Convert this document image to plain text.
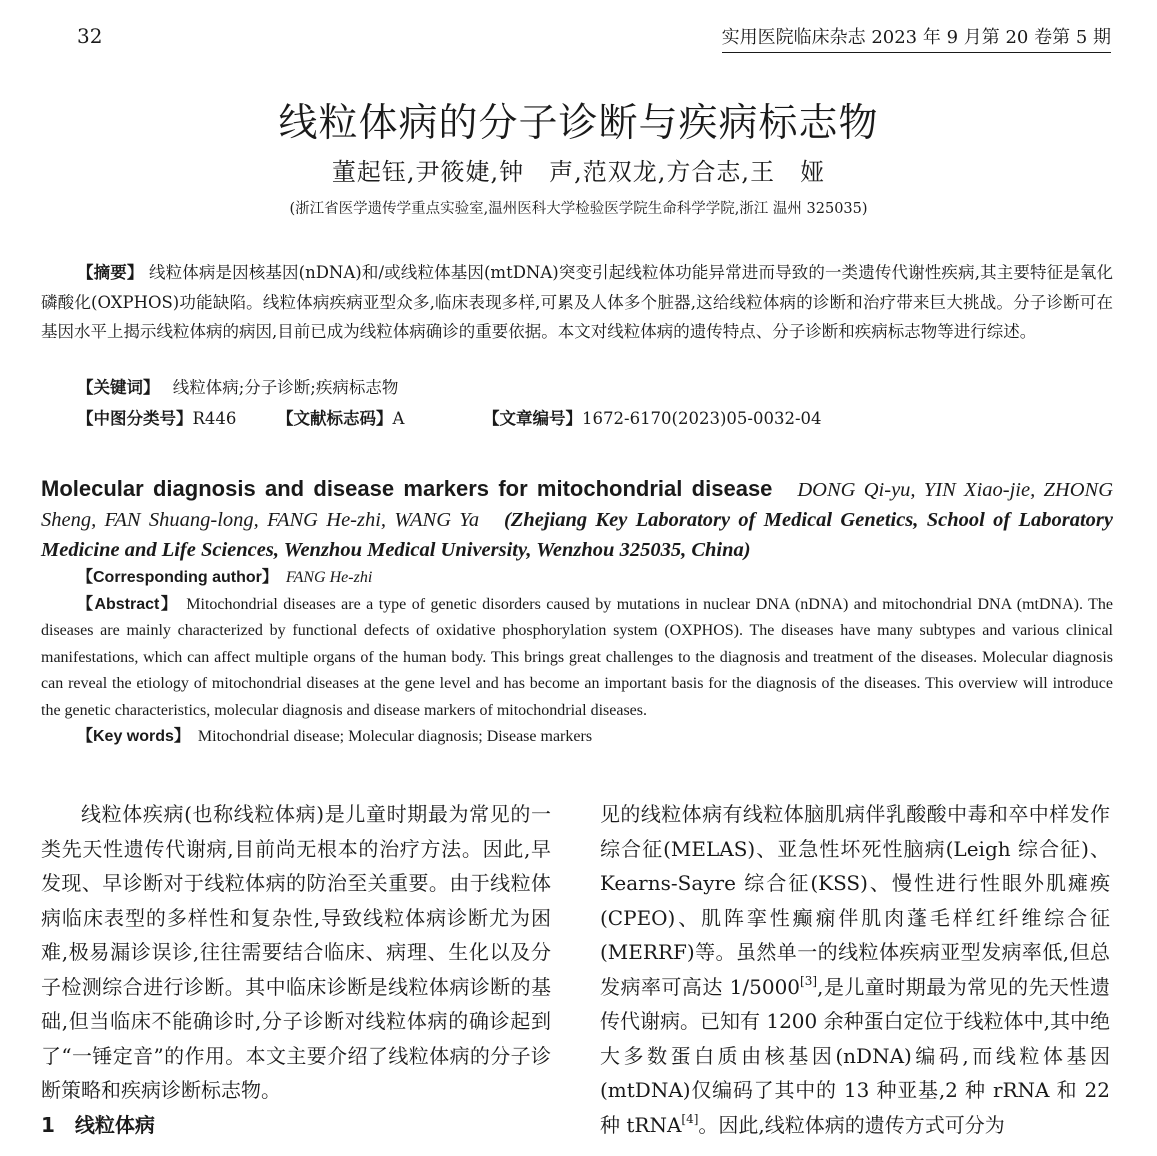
32	实用医院临床杂志 2023 年 9 月第 20 卷第 5 期
线粒体病的分子诊断与疾病标志物
董起钰,尹筱婕,钟　声,范双龙,方合志,王　娅
(浙江省医学遗传学重点实验室,温州医科大学检验医学院生命科学学院,浙江 温州 325035)
【摘要】 线粒体病是因核基因(nDNA)和/或线粒体基因(mtDNA)突变引起线粒体功能异常进而导致的一类遗传代谢性疾病,其主要特征是氧化磷酸化(OXPHOS)功能缺陷。线粒体病疾病亚型众多,临床表现多样,可累及人体多个脏器,这给线粒体病的诊断和治疗带来巨大挑战。分子诊断可在基因水平上揭示线粒体病的病因,目前已成为线粒体病确诊的重要依据。本文对线粒体病的遗传特点、分子诊断和疾病标志物等进行综述。
【关键词】 线粒体病;分子诊断;疾病标志物
【中图分类号】R446 【文献标志码】A	【文章编号】1672-6170(2023)05-0032-04
Molecular diagnosis and disease markers for mitochondrial disease DONG Qi-yu, YIN Xiao-jie, ZHONG Sheng, FAN Shuang-long, FANG He-zhi, WANG Ya (Zhejiang Key Laboratory of Medical Genetics, School of Laboratory Medicine and Life Sciences, Wenzhou Medical University, Wenzhou 325035, China)
【Corresponding author】 FANG He-zhi
【Abstract】 Mitochondrial diseases are a type of genetic disorders caused by mutations in nuclear DNA (nDNA) and mitochondrial DNA (mtDNA). The diseases are mainly characterized by functional defects of oxidative phosphorylation system (OXPHOS). The diseases have many subtypes and various clinical manifestations, which can affect multiple organs of the human body. This brings great challenges to the diagnosis and treatment of the diseases. Molecular diagnosis can reveal the etiology of mitochondrial diseases at the gene level and has become an important basis for the diagnosis of the diseases. This overview will introduce the genetic characteristics, molecular diagnosis and disease markers of mitochondrial diseases.
【Key words】 Mitochondrial disease; Molecular diagnosis; Disease markers
线粒体疾病(也称线粒体病)是儿童时期最为常见的一类先天性遗传代谢病,目前尚无根本的治疗方法。因此,早发现、早诊断对于线粒体病的防治至关重要。由于线粒体病临床表型的多样性和复杂性,导致线粒体病诊断尤为困难,极易漏诊误诊,往往需要结合临床、病理、生化以及分子检测综合进行诊断。其中临床诊断是线粒体病诊断的基础,但当临床不能确诊时,分子诊断对线粒体病的确诊起到了“一锤定音”的作用。本文主要介绍了线粒体病的分子诊断策略和疾病诊断标志物。
1　线粒体病
见的线粒体病有线粒体脑肌病伴乳酸酸中毒和卒中样发作综合征(MELAS)、亚急性坏死性脑病(Leigh 综合征)、Kearns-Sayre 综合征(KSS)、慢性进行性眼外肌瘫痪(CPEO)、肌阵挛性癫痫伴肌肉蓬毛样红纤维综合征(MERRF)等。虽然单一的线粒体疾病亚型发病率低,但总发病率可高达 1/5000[3],是儿童时期最为常见的先天性遗传代谢病。已知有 1200 余种蛋白定位于线粒体中,其中绝大多数蛋白质由核基因(nDNA)编码,而线粒体基因(mtDNA)仅编码了其中的 13 种亚基,2 种 rRNA 和 22 种 tRNA[4]。因此,线粒体病的遗传方式可分为
